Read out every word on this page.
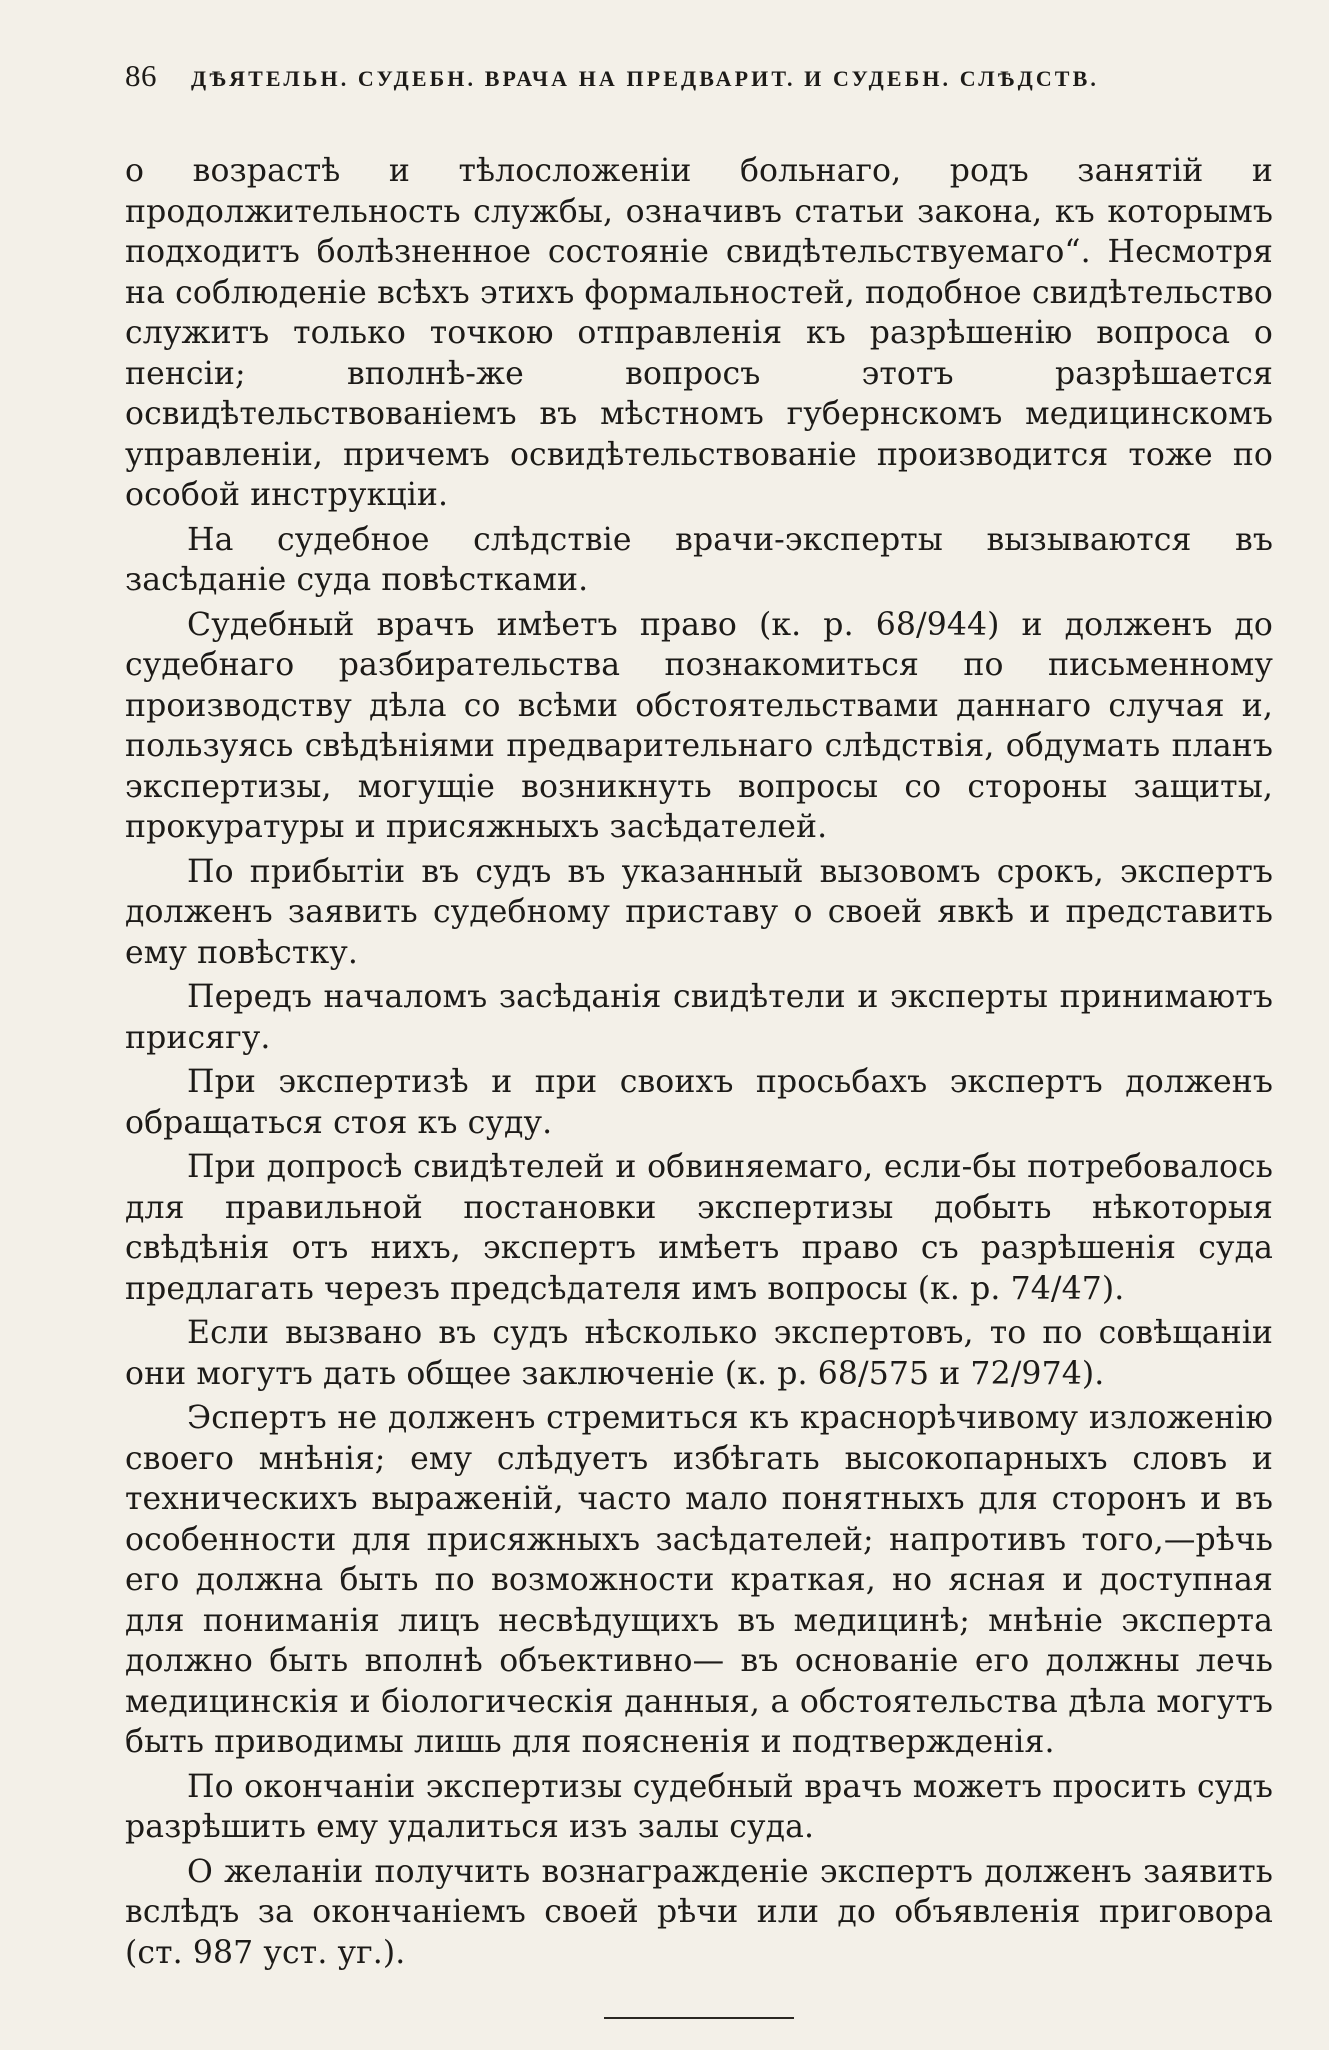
86 ДѢЯТЕЛЬН. СУДЕБН. ВРАЧА НА ПРЕДВАРИТ. И СУДЕБН. СЛѢДСТВ.

о возрастѣ и тѣлосложенiи больнаго, родъ занятiй и продолжительность службы, означивъ статьи закона, къ которымъ подходитъ болѣзненное состоянiе свидѣтельствуемаго“. Несмотря на соблюденiе всѣхъ этихъ формальностей, подобное свидѣтельство служитъ только точкою отправленiя къ разрѣшенiю вопроса о пенсiи; вполнѣ-же вопросъ этотъ разрѣшается освидѣтельствованiемъ въ мѣстномъ губернскомъ медицинскомъ управленiи, причемъ освидѣтельствованiе производится тоже по особой инструкцiи.

На судебное слѣдствiе врачи-эксперты вызываются въ засѣданiе суда повѣстками.

Судебный врачъ имѣетъ право (к. р. 68/944) и долженъ до судебнаго разбирательства познакомиться по письменному производству дѣла со всѣми обстоятельствами даннаго случая и, пользуясь свѣдѣнiями предварительнаго слѣдствiя, обдумать планъ экспертизы, могущiе возникнуть вопросы со стороны защиты, прокуратуры и присяжныхъ засѣдателей.

По прибытiи въ судъ въ указанный вызовомъ срокъ, экспертъ долженъ заявить судебному приставу о своей явкѣ и представить ему повѣстку.

Передъ началомъ засѣданiя свидѣтели и эксперты принимаютъ присягу.

При экспертизѣ и при своихъ просьбахъ экспертъ долженъ обращаться стоя къ суду.

При допросѣ свидѣтелей и обвиняемаго, если-бы потребовалось для правильной постановки экспертизы добыть нѣкоторыя свѣдѣнiя отъ нихъ, экспертъ имѣетъ право съ разрѣшенiя суда предлагать черезъ предсѣдателя имъ вопросы (к. р. 74/47).

Если вызвано въ судъ нѣсколько экспертовъ, то по совѣщанiи они могутъ дать общее заключенiе (к. р. 68/575 и 72/974).

Эспертъ не долженъ стремиться къ краснорѣчивому изложенiю своего мнѣнiя; ему слѣдуетъ избѣгать высокопарныхъ словъ и техническихъ выраженiй, часто мало понятныхъ для сторонъ и въ особенности для присяжныхъ засѣдателей; напротивъ того,—рѣчь его должна быть по возможности краткая, но ясная и доступная для пониманiя лицъ несвѣдущихъ въ медицинѣ; мнѣнiе эксперта должно быть вполнѣ объективно— въ основанiе его должны лечь медицинскiя и бiологическiя данныя, а обстоятельства дѣла могутъ быть приводимы лишь для поясненiя и подтвержденiя.

По окончанiи экспертизы судебный врачъ можетъ просить судъ разрѣшить ему удалиться изъ залы суда.

О желанiи получить вознагражденiе экспертъ долженъ заявить вслѣдъ за окончанiемъ своей рѣчи или до объявленiя приговора (ст. 987 уст. уг.).
